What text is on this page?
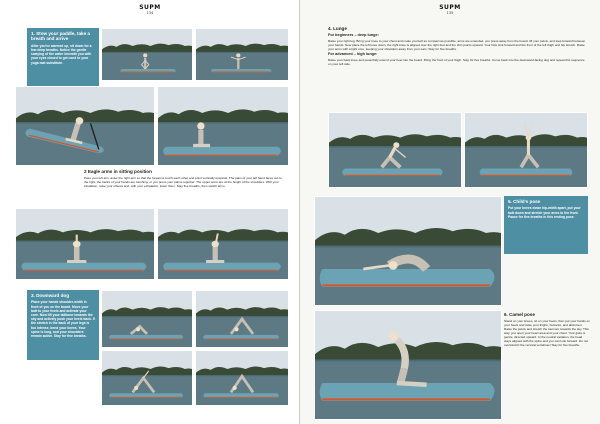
SUPM
134
1. Stow your paddle, take a breath and arrive

After you've warmed up, sit down for a few deep breaths. Notice the gentle swaying of the water beneath you with your eyes closed to get used to your yoga mat substitute.

2 Eagle arms in sitting position

Pass your left arm under the right arm so that the forearms touch each other and point vertically upwards. The palm of your left hand faces out to the right, the backs of your hands are touching, or you press your palms together. The upper arms are at the height of the shoulders. With your inhalation, raise your elbows and, with your exhalation, lower them. Stay five breaths, then switch arms.

3. Downward dog

Place your hands shoulder-width in front of you on the board. Move your butt to your heels and activate your core. Now lift your tailbone towards the sky and actively push your heels back. If the stretch in the back of your legs is too intense, bend your knees. Your spine is long, and your shoulders remain active. Stay for five breaths.

SUPM
135
4. Lunge
For beginners – deep lunge:

Raise your right leg. Bring your knee to your chest and make yourself as compact as possible, arms are extended, you press away from the board, lift your pelvis, and step forward between your hands. Now place the left knee down, the right knee is aligned over the right foot and the shin points upward. Your hips sink forward and the front of the left thigh and hip stretch. Raise your arms with a light core, keeping your shoulders away from your ears. Stay for five breaths.

For advanced – high lunge:

Raise your back knee and powerfully extend your heel into the board, lifting the front of your thigh. Stay for five breaths. Come back into the downward-facing dog and repeat this sequence on your left side.

5. Child's pose

Put your knees down hip-width apart, put your butt down and stretch your arms to the front. Pause for five breaths in this resting pose.

6. Camel pose

Stand on your knees, sit on your heels, then put your hands on your heels and raise your thighs, buttocks, and abdomen. Raise the pelvis and stretch the sternum towards the sky. This way, you open your heart area and your chest. Your gaze is gentle, directed upward. In the neutral variation, the head stays aligned with the spine and you can look forward. Do not overstretch the cervical vertebrae! Stay for five breaths.
